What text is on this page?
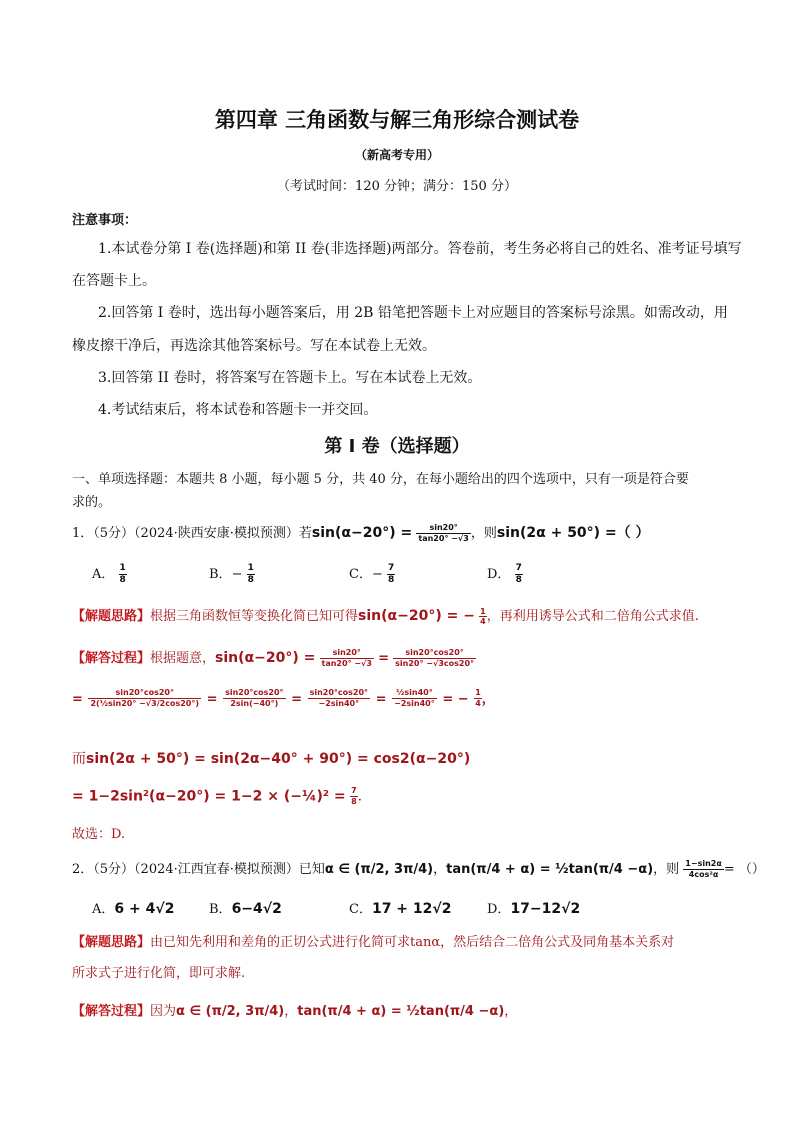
第四章 三角函数与解三角形综合测试卷
（新高考专用）
（考试时间：120 分钟；满分：150 分）
注意事项：
1.本试卷分第 I 卷(选择题)和第 II 卷(非选择题)两部分。答卷前，考生务必将自己的姓名、准考证号填写
在答题卡上。
2.回答第 I 卷时，选出每小题答案后，用 2B 铅笔把答题卡上对应题目的答案标号涂黑。如需改动，用
橡皮擦干净后，再选涂其他答案标号。写在本试卷上无效。
3.回答第 II 卷时，将答案写在答题卡上。写在本试卷上无效。
4.考试结束后，将本试卷和答题卡一并交回。
第 I 卷（选择题）
一、单项选择题：本题共 8 小题，每小题 5 分，共 40 分，在每小题给出的四个选项中，只有一项是符合要
求的。
1．（5分）（2024·陕西安康·模拟预测）若$\sin(\alpha-20^\circ) = \frac{\sin 20^\circ}{\tan 20^\circ -√3}$ ，则sin(2α + 50°) =（ ）
A． $\frac{1}{8}$	B．− $\frac{1}{8}$	C．− $\frac{7}{8}$	D． $\frac{7}{8}$
【解题思路】根据三角函数恒等变换化简已知可得sin(α−20°) = − $\frac{1}{4}$ ，再利用诱导公式和二倍角公式求值.
【解答过程】根据题意，$\sin(\alpha-20^\circ) = \frac{\sin 20^\circ}{\tan 20^\circ -√3} = \frac{\sin 20^\circ\cos 20^\circ}{\sin 20^\circ -√3\cos 20^\circ}$
= $\frac{\sin 20^\circ\cos 20^\circ}{\text{2(½sin20° −√3/2cos20°)}} = \frac{\sin 20^\circ\cos 20^\circ}{2\sin(-40^\circ)} = \frac{\sin 20^\circ\cos 20^\circ}{-2\sin 40^\circ} = \frac{\text{½sin40°}}{-2\sin 40^\circ}$ = − $\frac{1}{4}$ ，
而sin(2α + 50°) = sin(2α−40° + 90°) = cos2(α−20°)
= 1−2sin²(α−20°) = 1−2 × (−¼)² = $\frac{7}{8}$ .
故选：D.
2．（5分）（2024·江西宜春·模拟预测）已知α ∈ (π/2, 3π/4)，tan(π/4 + α) = ½tan(π/4 −α)，则 $\frac{1-\sin 2\alpha}{\text{4cos²α}}$ = （）
A．6 + 4√2	B．6−4√2	C．17 + 12√2	D．17−12√2
【解题思路】由已知先利用和差角的正切公式进行化简可求tanα，然后结合二倍角公式及同角基本关系对
所求式子进行化简，即可求解.
【解答过程】因为α ∈ (π/2, 3π/4)，tan(π/4 + α) = ½tan(π/4 −α)，
